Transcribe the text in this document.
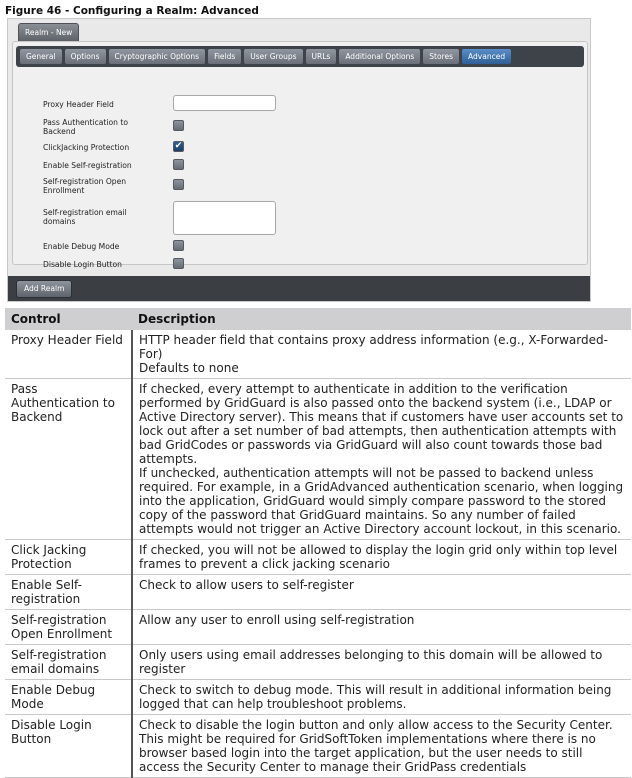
Figure 46 - Configuring a Realm: Advanced
Realm - New
General	Options	Cryptographic Options	Fields	User Groups	URLs	Additional Options	Stores	Advanced
Proxy Header Field
Pass Authentication to Backend
ClickJacking Protection	✔
Enable Self-registration
Self-registration Open Enrollment
Self-registration email domains
Enable Debug Mode
Disable Login Button
Add Realm
Control	Description
Proxy Header Field	HTTP header field that contains proxy address information (e.g., X-Forwarded-For)
Defaults to none

Pass Authentication to Backend	If checked, every attempt to authenticate in addition to the verification performed by GridGuard is also passed onto the backend system (i.e., LDAP or Active Directory server). This means that if customers have user accounts set to lock out after a set number of bad attempts, then authentication attempts with bad GridCodes or passwords via GridGuard will also count towards those bad attempts.
If unchecked, authentication attempts will not be passed to backend unless required. For example, in a GridAdvanced authentication scenario, when logging into the application, GridGuard would simply compare password to the stored copy of the password that GridGuard maintains. So any number of failed attempts would not trigger an Active Directory account lockout, in this scenario.

Click Jacking Protection	If checked, you will not be allowed to display the login grid only within top level frames to prevent a click jacking scenario

Enable Self-registration	Check to allow users to self-register

Self-registration Open Enrollment	Allow any user to enroll using self-registration

Self-registration email domains	Only users using email addresses belonging to this domain will be allowed to register

Enable Debug Mode	Check to switch to debug mode. This will result in additional information being logged that can help troubleshoot problems.

Disable Login Button	Check to disable the login button and only allow access to the Security Center.
This might be required for GridSoftToken implementations where there is no browser based login into the target application, but the user needs to still access the Security Center to manage their GridPass credentials
